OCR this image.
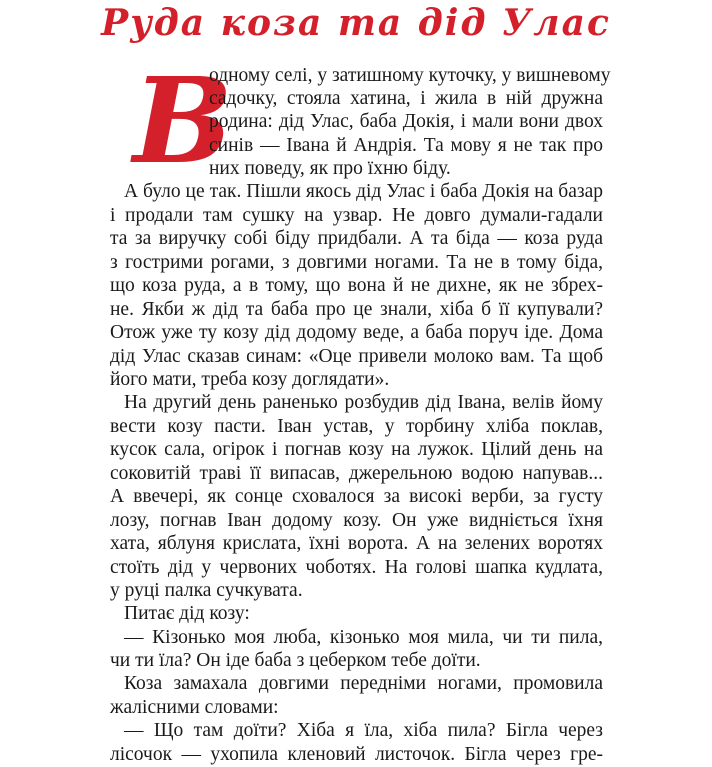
Руда коза та дід Улас
В
одному селі, у затишному куточку, у вишневому
садочку, стояла хатина, і жила в ній дружна
родина: дід Улас, баба Докія, і мали вони двох
синів — Івана й Андрія. Та мову я не так про
них поведу, як про їхню біду.
А було це так. Пішли якось дід Улас і баба Докія на базар
і продали там сушку на узвар. Не довго думали-гадали
та за виручку собі біду придбали. А та біда — коза руда
з гострими рогами, з довгими ногами. Та не в тому біда,
що коза руда, а в тому, що вона й не дихне, як не збрех-
не. Якби ж дід та баба про це знали, хіба б її купували?
Отож уже ту козу дід додому веде, а баба поруч іде. Дома
дід Улас сказав синам: «Оце привели молоко вам. Та щоб
його мати, треба козу доглядати».
На другий день раненько розбудив дід Івана, велів йому
вести козу пасти. Іван устав, у торбину хліба поклав,
кусок сала, огірок і погнав козу на лужок. Цілий день на
соковитій траві її випасав, джерельною водою напував...
А ввечері, як сонце сховалося за високі верби, за густу
лозу, погнав Іван додому козу. Он уже видніється їхня
хата, яблуня крислата, їхні ворота. А на зелених воротях
стоїть дід у червоних чоботях. На голові шапка кудлата,
у руці палка сучкувата.
Питає дід козу:
— Кізонько моя люба, кізонько моя мила, чи ти пила,
чи ти їла? Он іде баба з цеберком тебе доїти.
Коза замахала довгими передніми ногами, промовила
жалісними словами:
— Що там доїти? Хіба я їла, хіба пила? Бігла через
лісочок — ухопила кленовий листочок. Бігла через гре-
